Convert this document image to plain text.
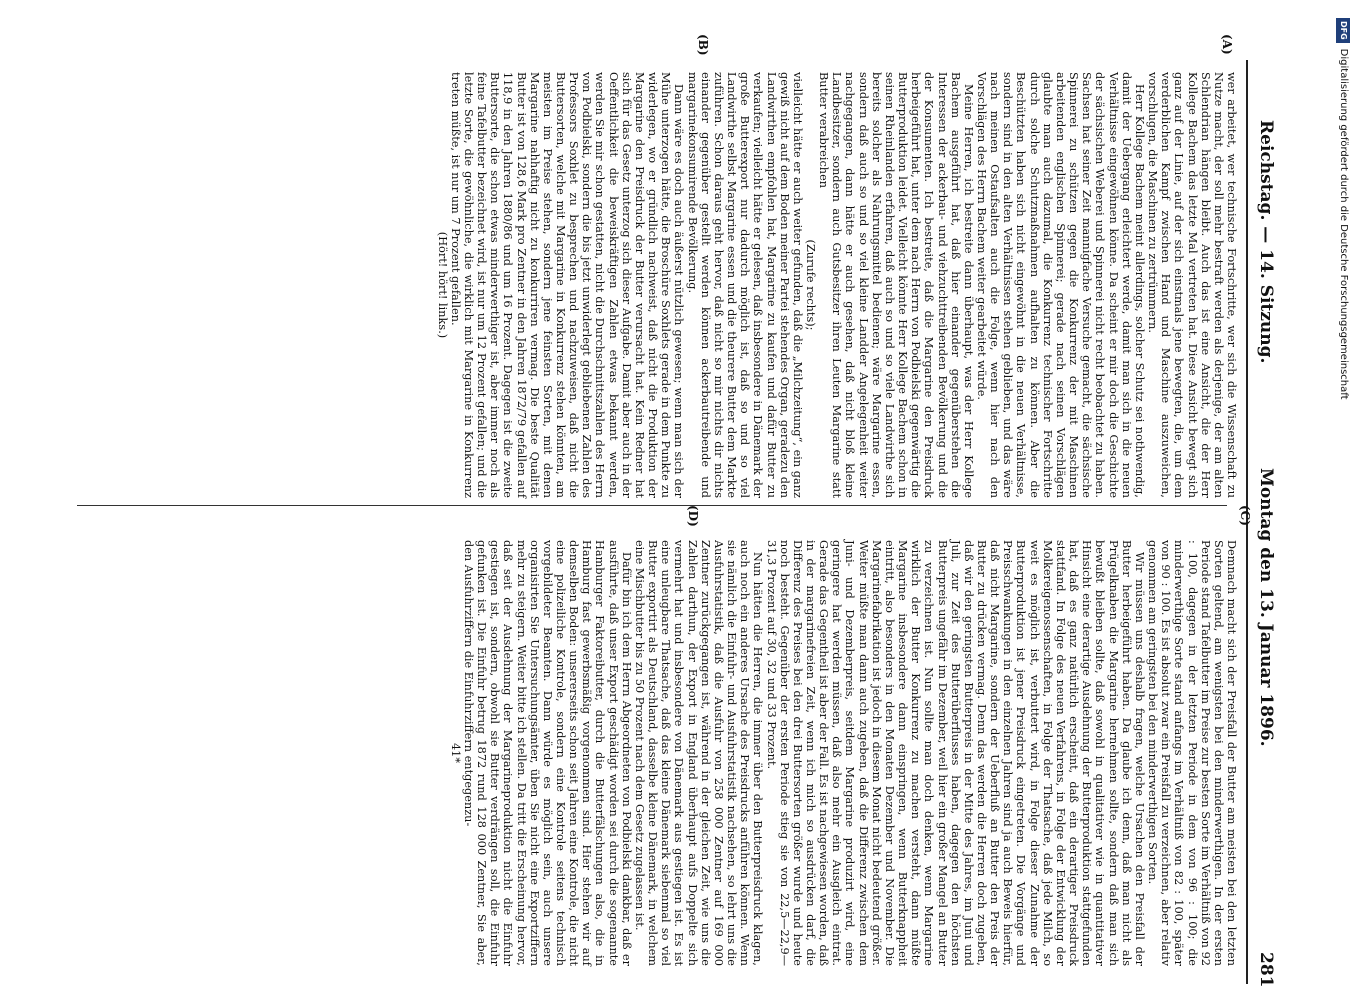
Reichstag. — 14. Sitzung.
Montag den 13. Januar 1896.
281
(A)
(B)
(C)
(D)

wer arbeitet, wer technische Fortschritte, wer sich die Wissenschaft zu Nutze macht, der soll mehr bestraft werden als derjenige, der am alten Schlendrian hängen bleibt. Auch das ist eine Ansicht, die der Herr Kollege Bachem das letzte Mal vertreten hat. Diese Ansicht bewegt sich ganz auf der Linie, auf der sich einstmals jene bewegten, die, um dem verderblichen Kampf zwischen Hand und Maschine auszuweichen, vorschlugen, die Maschinen zu zertrümmern.

Herr Kollege Bachem meint allerdings, solcher Schutz sei nothwendig, damit der Uebergang erleichtert werde, damit man sich in die neuen Verhältnisse eingewöhnen könne. Da scheint er mir doch die Geschichte der sächsischen Weberei und Spinnerei nicht recht beobachtet zu haben. Sachsen hat seiner Zeit mannigfache Versuche gemacht, die sächsische Spinnerei zu schützen gegen die Konkurrenz der mit Maschinen arbeitenden englischen Spinnerei; gerade nach seinen Vorschlägen glaubte man auch dazumal, die Konkurrenz technischer Fortschritte durch solche Schutzmaßnahmen aufhalten zu können. Aber die Beschützten haben sich nicht eingewöhnt in die neuen Verhältnisse, sondern sind in den alten Verhältnissen stehen geblieben, und das wäre nach meinen Ostaufsalten auch die Folge, wenn hier nach den Vorschlägen des Herrn Bachem weiter gearbeitet würde.

Meine Herren, ich bestreite dann überhaupt, was der Herr Kollege Bachem ausgeführt hat, daß hier einander gegenüberstehen die Interessen der ackerbau- und viehzuchttreibenden Bevölkerung und die der Konsumenten. Ich bestreite, daß die Margarine den Preisdruck herbeigeführt hat, unter dem nach Herrn von Podbielski gegenwärtig die Butterproduktion leidet. Vielleicht könnte Herr Kollege Bachem schon in seinen Rheinlanden erfahren, daß auch so und so viele Landwirthe sich bereits solcher als Nahrungsmittel bedienen; wäre Margarine essen, sondern daß auch so und so viel kleine Landder Angelegenheit weiter nachgegangen, dann hätte er auch gesehen, daß nicht bloß kleine Landbesitzer, sondern auch Gutsbesitzer ihren Leuten Margarine statt Butter verabreichen

(Zurufe rechts);

vielleicht hätte er auch weiter gefunden, daß die „Milchzeitung“, ein ganz gewiß nicht auf dem Boden meiner Partei stehendes Organ, geradezu den Landwirthen empfohlen hat, Margarine zu kaufen und dafür Butter zu verkaufen; vielleicht hätte er gelesen, daß insbesondere in Dänemark der große Butterexport nur dadurch möglich ist, daß so und so viel Landwirthe selbst Margarine essen und die theurere Butter dem Markte zuführen. Schon daraus geht hervor, daß nicht so mir nichts dir nichts einander gegenüber gestellt werden können ackerbautreibende und margarinekonsumirende Bevölkerung.

Dann wäre es doch auch äußerst nützlich gewesen; wenn man sich der Mühe unterzogen hätte, die Broschüre Soxhlets gerade in dem Punkte zu widerlegen, wo er gründlich nachweist, daß nicht die Produktion der Margarine den Preisdruck der Butter verursacht hat. Kein Redner hat sich für das Gesetz unterzog sich dieser Aufgabe. Damit aber auch in der Oeffentlichkeit die beweiskräftigen Zahlen etwas bekannt werden, werden Sie mir schon gestatten, nicht die Durchschnittszahlen des Herrn von Podbielski, sondern die bis jetzt unwiderlegt gebliebenen Zahlen des Professors Soxhlet zu besprechen und nachzuweisen, daß nicht die Buttersorten, welche mit Margarine in Konkurrenz stehen könnten, am meisten im Preise stehen, sondern jene feinsten Sorten, mit denen Margarine nahhaftig nicht zu konkurriren vermag. Die beste Qualität Butter ist von 128,6 Mark pro Zentner in den Jahren 1872/79 gefallen auf 118,9 in den Jahren 1880/86 und um 16 Prozent. Dagegen ist die zweite Buttersorte, die schon etwas minderwerthiger ist, aber immer noch als feine Tafelbutter bezeichnet wird, ist nur um 12 Prozent gefallen; und die letzte Sorte, die gewöhnliche, die wirklich mit Margarine in Konkurrenz treten müßte, ist nur um 7 Prozent gefallen.

(Hört! hört! links.)

Demnach macht sich der Preisfall der Butter am meisten bei den letzten Sorten geltend, am wenigsten bei den minderwerthigen. In der ersten Periode stand Tafelbutter im Preise zur besten Sorte im Verhältniß von 92 : 100, dagegen in der letzten Periode in dem von 96 : 100; die minderwerthige Sorte stand anfangs im Verhältniß von 82 : 100, später von 90 : 100. Es ist absolut zwar ein Preisfall zu verzeichnen, aber relativ genommen am geringsten bei den minderwerthigen Sorten.

Wir müssen uns deshalb fragen, welche Ursachen den Preisfall der Butter herbeigeführt haben. Da glaube ich denn, daß man nicht als Prügelknaben die Margarine hernehmen sollte, sondern daß man sich bewußt bleiben sollte, daß sowohl in qualitativer wie in quantitativer Hinsicht eine derartige Ausdehnung der Butterproduktion stattgefunden hat, daß es ganz natürlich erscheint, daß ein derartiger Preisdruck stattfand. In Folge des neuen Verfahrens, in Folge der Entwicklung der Molkereigenossenschaften, in Folge der Thatsache, daß jede Milch, so weit es möglich ist, verbuttert wird, in Folge dieser Zunahme der Butterproduktion ist jener Preisdruck eingetreten. Die Vorgänge und Preisschwankungen in den einzelnen Jahren sind ja auch Beweis hierfür, daß nicht Margarine, sondern der Ueberfluß an Butter den Preis der Butter zu drücken vermag. Denn das werden die Herren doch zugeben, daß wir den geringsten Butterpreis in der Mitte des Jahres, im Juni und Juli, zur Zeit des Butterüberflusses haben, dagegen den höchsten Butterpreis ungefähr im Dezember, weil hier ein großer Mangel an Butter zu verzeichnen ist. Nun sollte man doch denken, wenn Margarine wirklich der Butter Konkurrenz zu machen versteht, dann müßte Margarine insbesondere dann einspringen, wenn Butterknappheit eintritt, also besonders in den Monaten Dezember und November. Die Margarinefabrikation ist jedoch in diesem Monat nicht bedeutend größer. Weiter müßte man dann auch zugeben, daß die Differenz zwischen dem Juni- und Dezemberpreis, seitdem Margarine produzirt wird, eine geringere hat werden müssen, daß also mehr ein Ausgleich eintrat. Gerade das Gegentheil ist aber der Fall. Es ist nachgewiesen worden, daß in der margarinefreien Zeit, wenn ich mich so ausdrücken darf, die Differenz des Preises bei den drei Buttersorten größer wurde und heute noch besteht. Gegenüber der ersten Periode stieg sie von 22,5—22,9—31,3 Prozent auf 30, 32 und 33 Prozent.

Nun hätten die Herren, die immer über den Butterpreisdruck klagen, auch noch ein anderes Ursache des Preisdrucks anführen können. Wenn sie nämlich die Einfuhr- und Ausfuhrstatistik nachsehen, so lehrt uns die Ausfuhrstatistik, daß die Ausfuhr von 258 000 Zentner auf 169 000 Zentner zurückgegangen ist, während in der gleichen Zeit, wie uns die Zahlen darthun, der Export in England überhaupt aufs Doppelte sich vermehrt hat und insbesondere von Dänemark aus gestiegen ist. Es ist eine unleugbare Thatsache, daß das kleine Dänemark siebenmal so viel Butter exportirt als Deutschland, dasselbe kleine Dänemark, in welchem eine Mischbutter bis zu 50 Prozent nach dem Gesetz zugelassen ist.

Dafür bin ich dem Herrn Abgeordneten von Podbielski dankbar, daß er ausführte, daß unser Export geschädigt worden sei durch die sogenannte Hamburger Faktoreibutter, durch die Butterfälschungen also, die in Hamburg fast gewerbsmäßig vorgenommen sind. Hier stehen wir auf demselben Boden: unsererseits schon seit Jahren eine Kontrole, die nicht eine polizeiliche Kontrole, sondern eine Kontrole seitens technisch vorgebildeter Beamten. Dann würde es möglich sein, auch unsere organisirten Sie Untersuchungsämter, üben Sie nicht eine Exportziffern mehr zu steigern. Weiter bitte ich stellen. Da tritt die Erscheinung hervor, daß seit der Ausdehnung der Margarineproduktion nicht die Einfuhr gestiegen ist, sondern, obwohl sie Butter verdrängen soll, die Einfuhr gefunken ist. Die Einfuhr betrug 1872 rund 128 000 Zentner, Sie aber, den Ausfuhrziffern die Einfuhrziffern entgegenzu-

41*

DFGDigitalisierung gefördert durch die Deutsche Forschungsgemeinschaft
